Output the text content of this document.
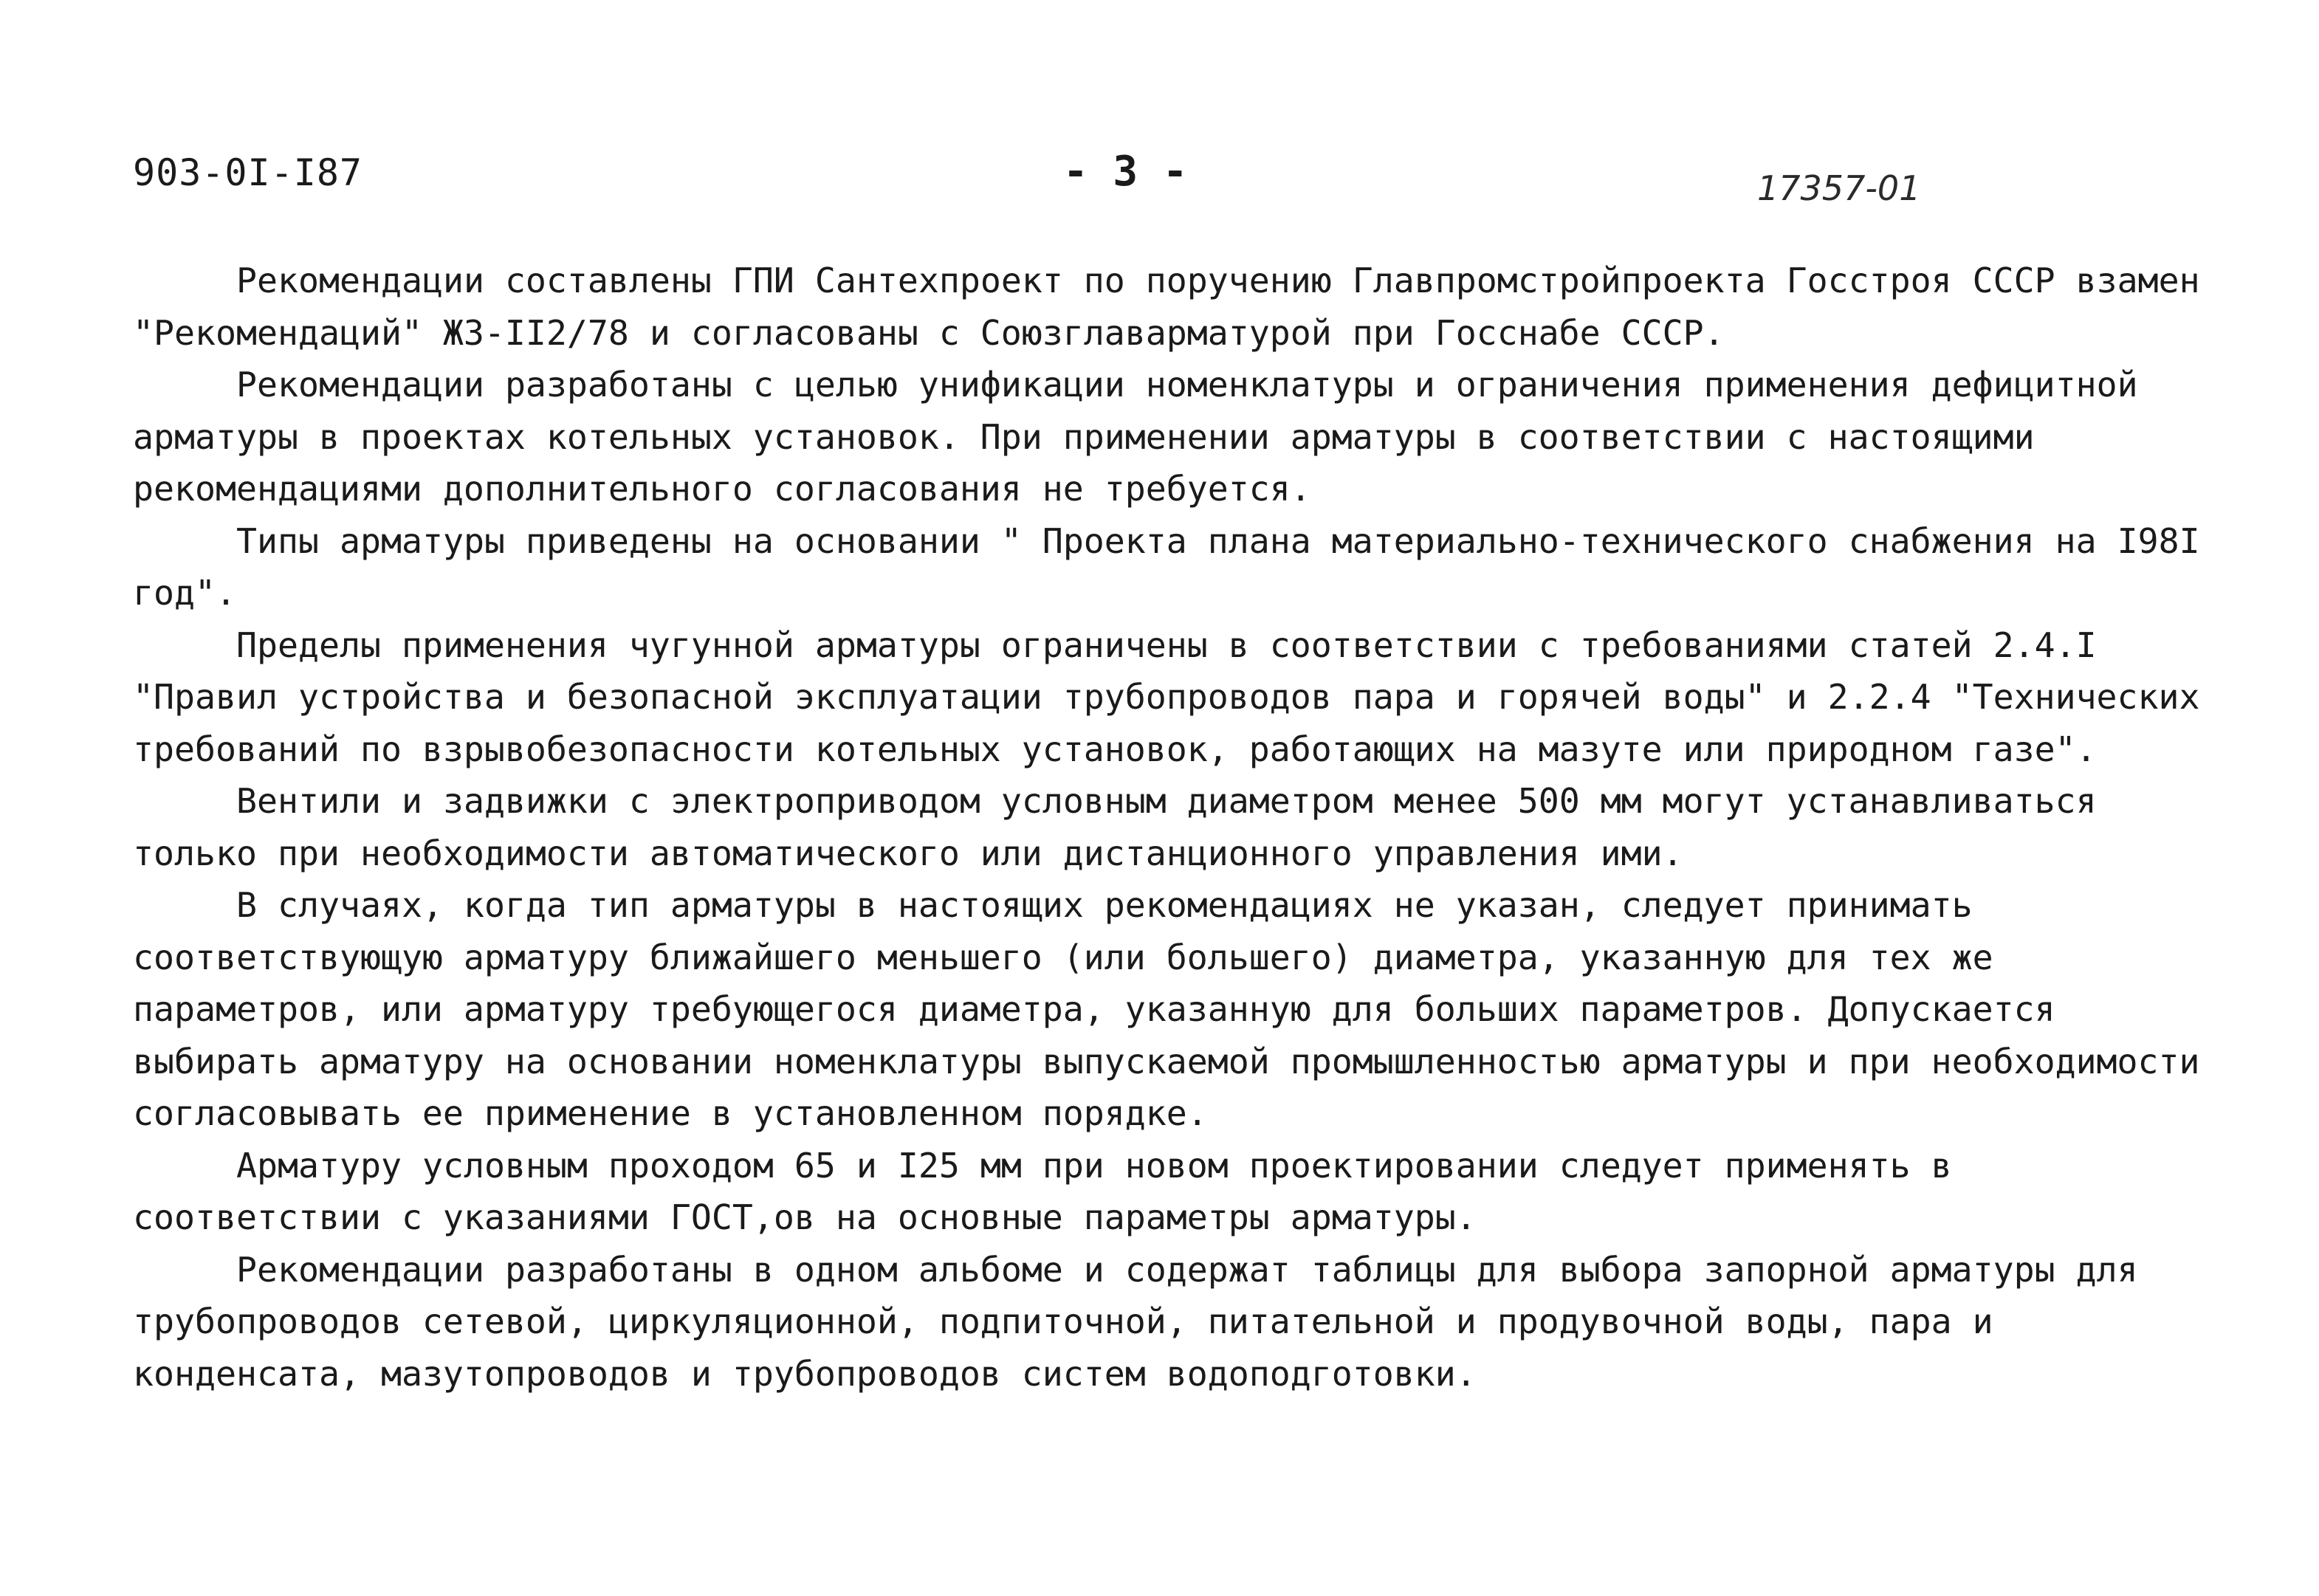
903-0I-I87	- 3 -	17357-01

Рекомендации составлены ГПИ Сантехпроект по поручению Главпромстройпроекта Госстроя СССР взамен "Рекомендаций" ЖЗ-II2/78 и согласованы с Союзглаварматурой при Госснабе СССР.

Рекомендации разработаны с целью унификации номенклатуры и ограничения применения дефицитной арматуры в проектах котельных установок. При применении арматуры в соответствии с настоящими рекомендациями дополнительного согласования не требуется.

Типы арматуры приведены на основании " Проекта плана материально-технического снабжения на I98I год".

Пределы применения чугунной арматуры ограничены в соответствии с требованиями статей 2.4.I "Правил устройства и безопасной эксплуатации трубопроводов пара и горячей воды" и 2.2.4 "Технических требований по взрывобезопасности котельных установок, работающих на мазуте или природном газе".

Вентили и задвижки с электроприводом условным диаметром менее 500 мм могут устанавливаться только при необходимости автоматического или дистанционного управления ими.

В случаях, когда тип арматуры в настоящих рекомендациях не указан, следует принимать соответствующую арматуру ближайшего меньшего (или большего) диаметра, указанную для тех же параметров, или арматуру требующегося диаметра, указанную для больших параметров. Допускается выбирать арматуру на основании номенклатуры выпускаемой промышленностью арматуры и при необходимости согласовывать ее применение в установленном порядке.

Арматуру условным проходом 65 и I25 мм при новом проектировании следует применять в соответствии с указаниями ГОСТ,ов на основные параметры арматуры.

Рекомендации разработаны в одном альбоме и содержат таблицы для выбора запорной арматуры для трубопроводов сетевой, циркуляционной, подпиточной, питательной и продувочной воды, пара и конденсата, мазутопроводов и трубопроводов систем водоподготовки.
